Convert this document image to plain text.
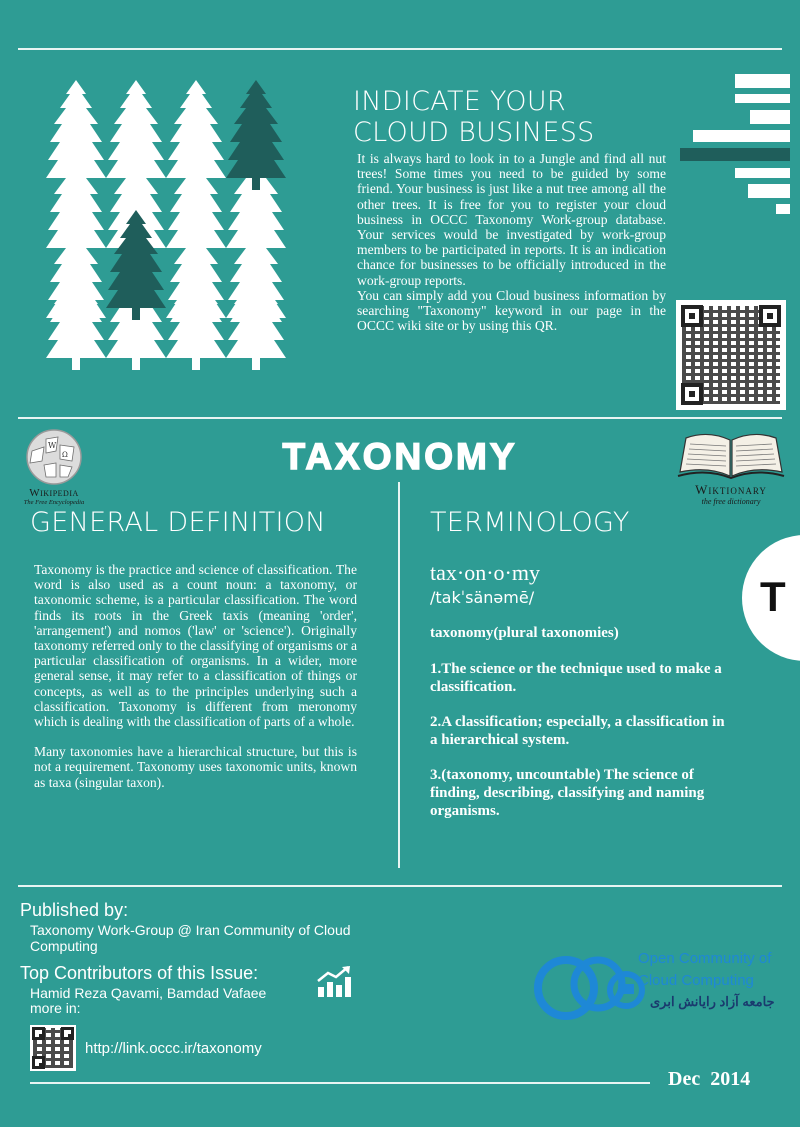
INDICATE YOUR
CLOUD BUSINESS
It is always hard to look in to a Jungle and find all nut trees! Some times you need to be guided by some friend. Your business is just like a nut tree among all the other trees. It is free for you to register your cloud business in OCCC Taxonomy Work-group database. Your services would be investigated by work-group members to be participated in reports. It is an indication chance for businesses to be officially introduced in the work-group reports.
You can simply add you Cloud business information by searching "Taxonomy" keyword in our page in the OCCC wiki site or by using this QR.
W
Ω
Wikipedia
The Free Encyclopedia
TAXONOMY
Wiktionary
the free dictionary
GENERAL DEFINITION
Taxonomy is the practice and science of classification. The word is also used as a count noun: a taxonomy, or taxonomic scheme, is a particular classification. The word finds its roots in the Greek taxis (meaning 'order', 'arrangement') and nomos ('law' or 'science'). Originally taxonomy referred only to the classifying of organisms or a particular classification of organisms. In a wider, more general sense, it may refer to a classification of things or concepts, as well as to the principles underlying such a classification. Taxonomy is different from meronomy which is dealing with the classification of parts of a whole.
Many taxonomies have a hierarchical structure, but this is not a requirement. Taxonomy uses taxonomic units, known as taxa (singular taxon).
TERMINOLOGY
tax·on·o·my
/takˈsänəmē/
taxonomy(plural taxonomies)
1.The science or the technique used to make a classification.
2.A classification; especially, a classification in a hierarchical system.
3.(taxonomy, uncountable) The science of finding, describing, classifying and naming organisms.
T
Published by:
Taxonomy Work-Group @ Iran Community of Cloud Computing
Top Contributors of this Issue:
Hamid Reza Qavami, Bamdad Vafaee
more in:
http://link.occc.ir/taxonomy
Open Community of
Cloud Computing
جامعه آزاد رایانش ابری
Dec  2014
